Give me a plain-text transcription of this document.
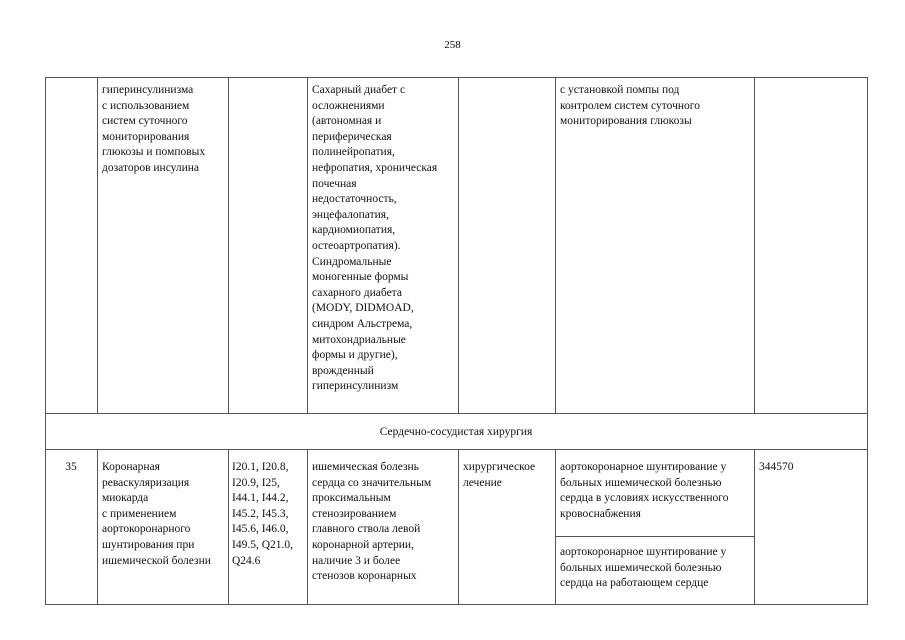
258
гиперинсулинизма
с использованием
систем суточного
мониторирования
глюкозы и помповых
дозаторов инсулина
Сахарный диабет с
осложнениями
(автономная и
периферическая
полинейропатия,
нефропатия, хроническая
почечная
недостаточность,
энцефалопатия,
кардиомиопатия,
остеоартропатия).
Синдромальные
моногенные формы
сахарного диабета
(MODY, DIDMOAD,
синдром Альстрема,
митохондриальные
формы и другие),
врожденный
гиперинсулинизм
с установкой помпы под
контролем систем суточного
мониторирования глюкозы
Сердечно-сосудистая хирургия
35	Коронарная
реваскуляризация
миокарда
с применением
аортокоронарного
шунтирования при
ишемической болезни
I20.1, I20.8,
I20.9, I25,
I44.1, I44.2,
I45.2, I45.3,
I45.6, I46.0,
I49.5, Q21.0,
Q24.6
ишемическая болезнь
сердца со значительным
проксимальным
стенозированием
главного ствола левой
коронарной артерии,
наличие 3 и более
стенозов коронарных
хирургическое
лечение
аортокоронарное шунтирование у
больных ишемической болезнью
сердца в условиях искусственного
кровоснабжения
аортокоронарное шунтирование у
больных ишемической болезнью
сердца на работающем сердце
344570
